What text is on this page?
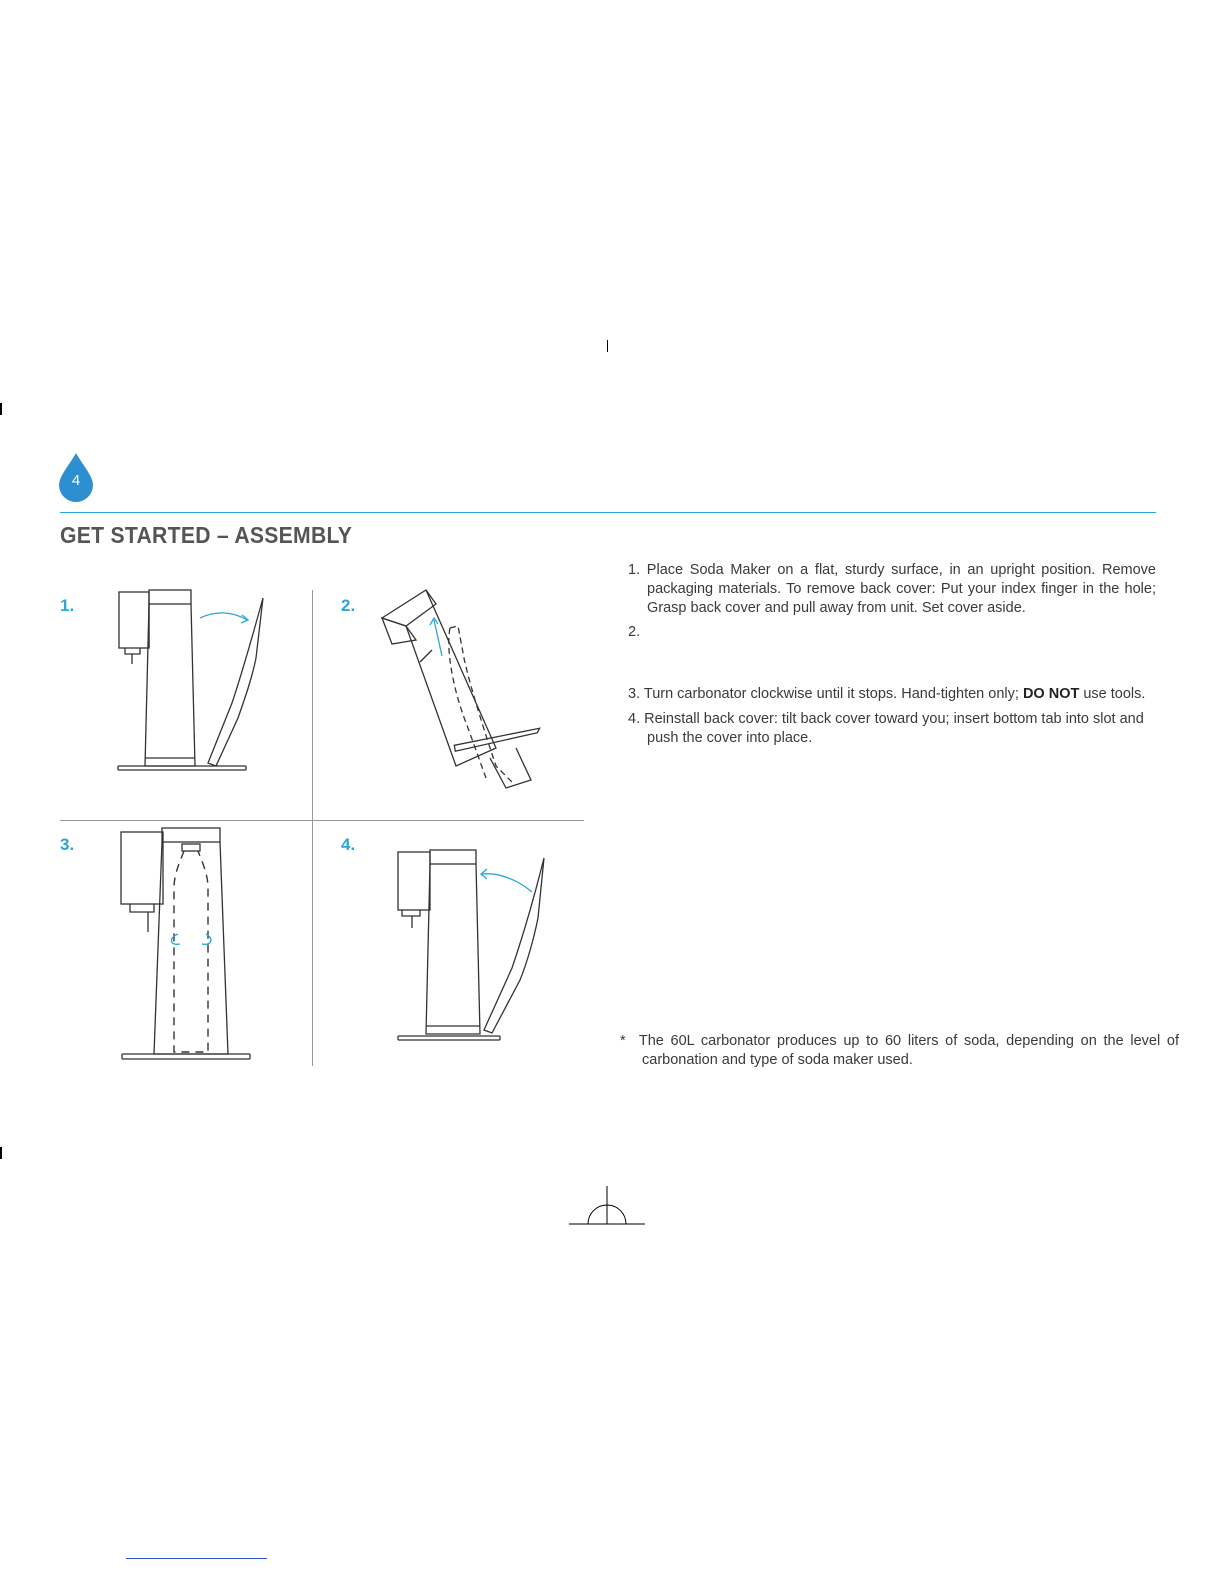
4
GET STARTED – ASSEMBLY
1.	2.
3.	4.

1. Place Soda Maker on a flat, sturdy surface, in an upright position. Remove packaging materials. To remove back cover: Put your index finger in the hole; Grasp back cover and pull away from unit. Set cover aside.

2.

3. Turn carbonator clockwise until it stops. Hand-tighten only; DO NOT use tools.

4. Reinstall back cover: tilt back cover toward you; insert bottom tab into slot and push the cover into place.

* The 60L carbonator produces up to 60 liters of soda, depending on the level of carbonation and type of soda maker used.
